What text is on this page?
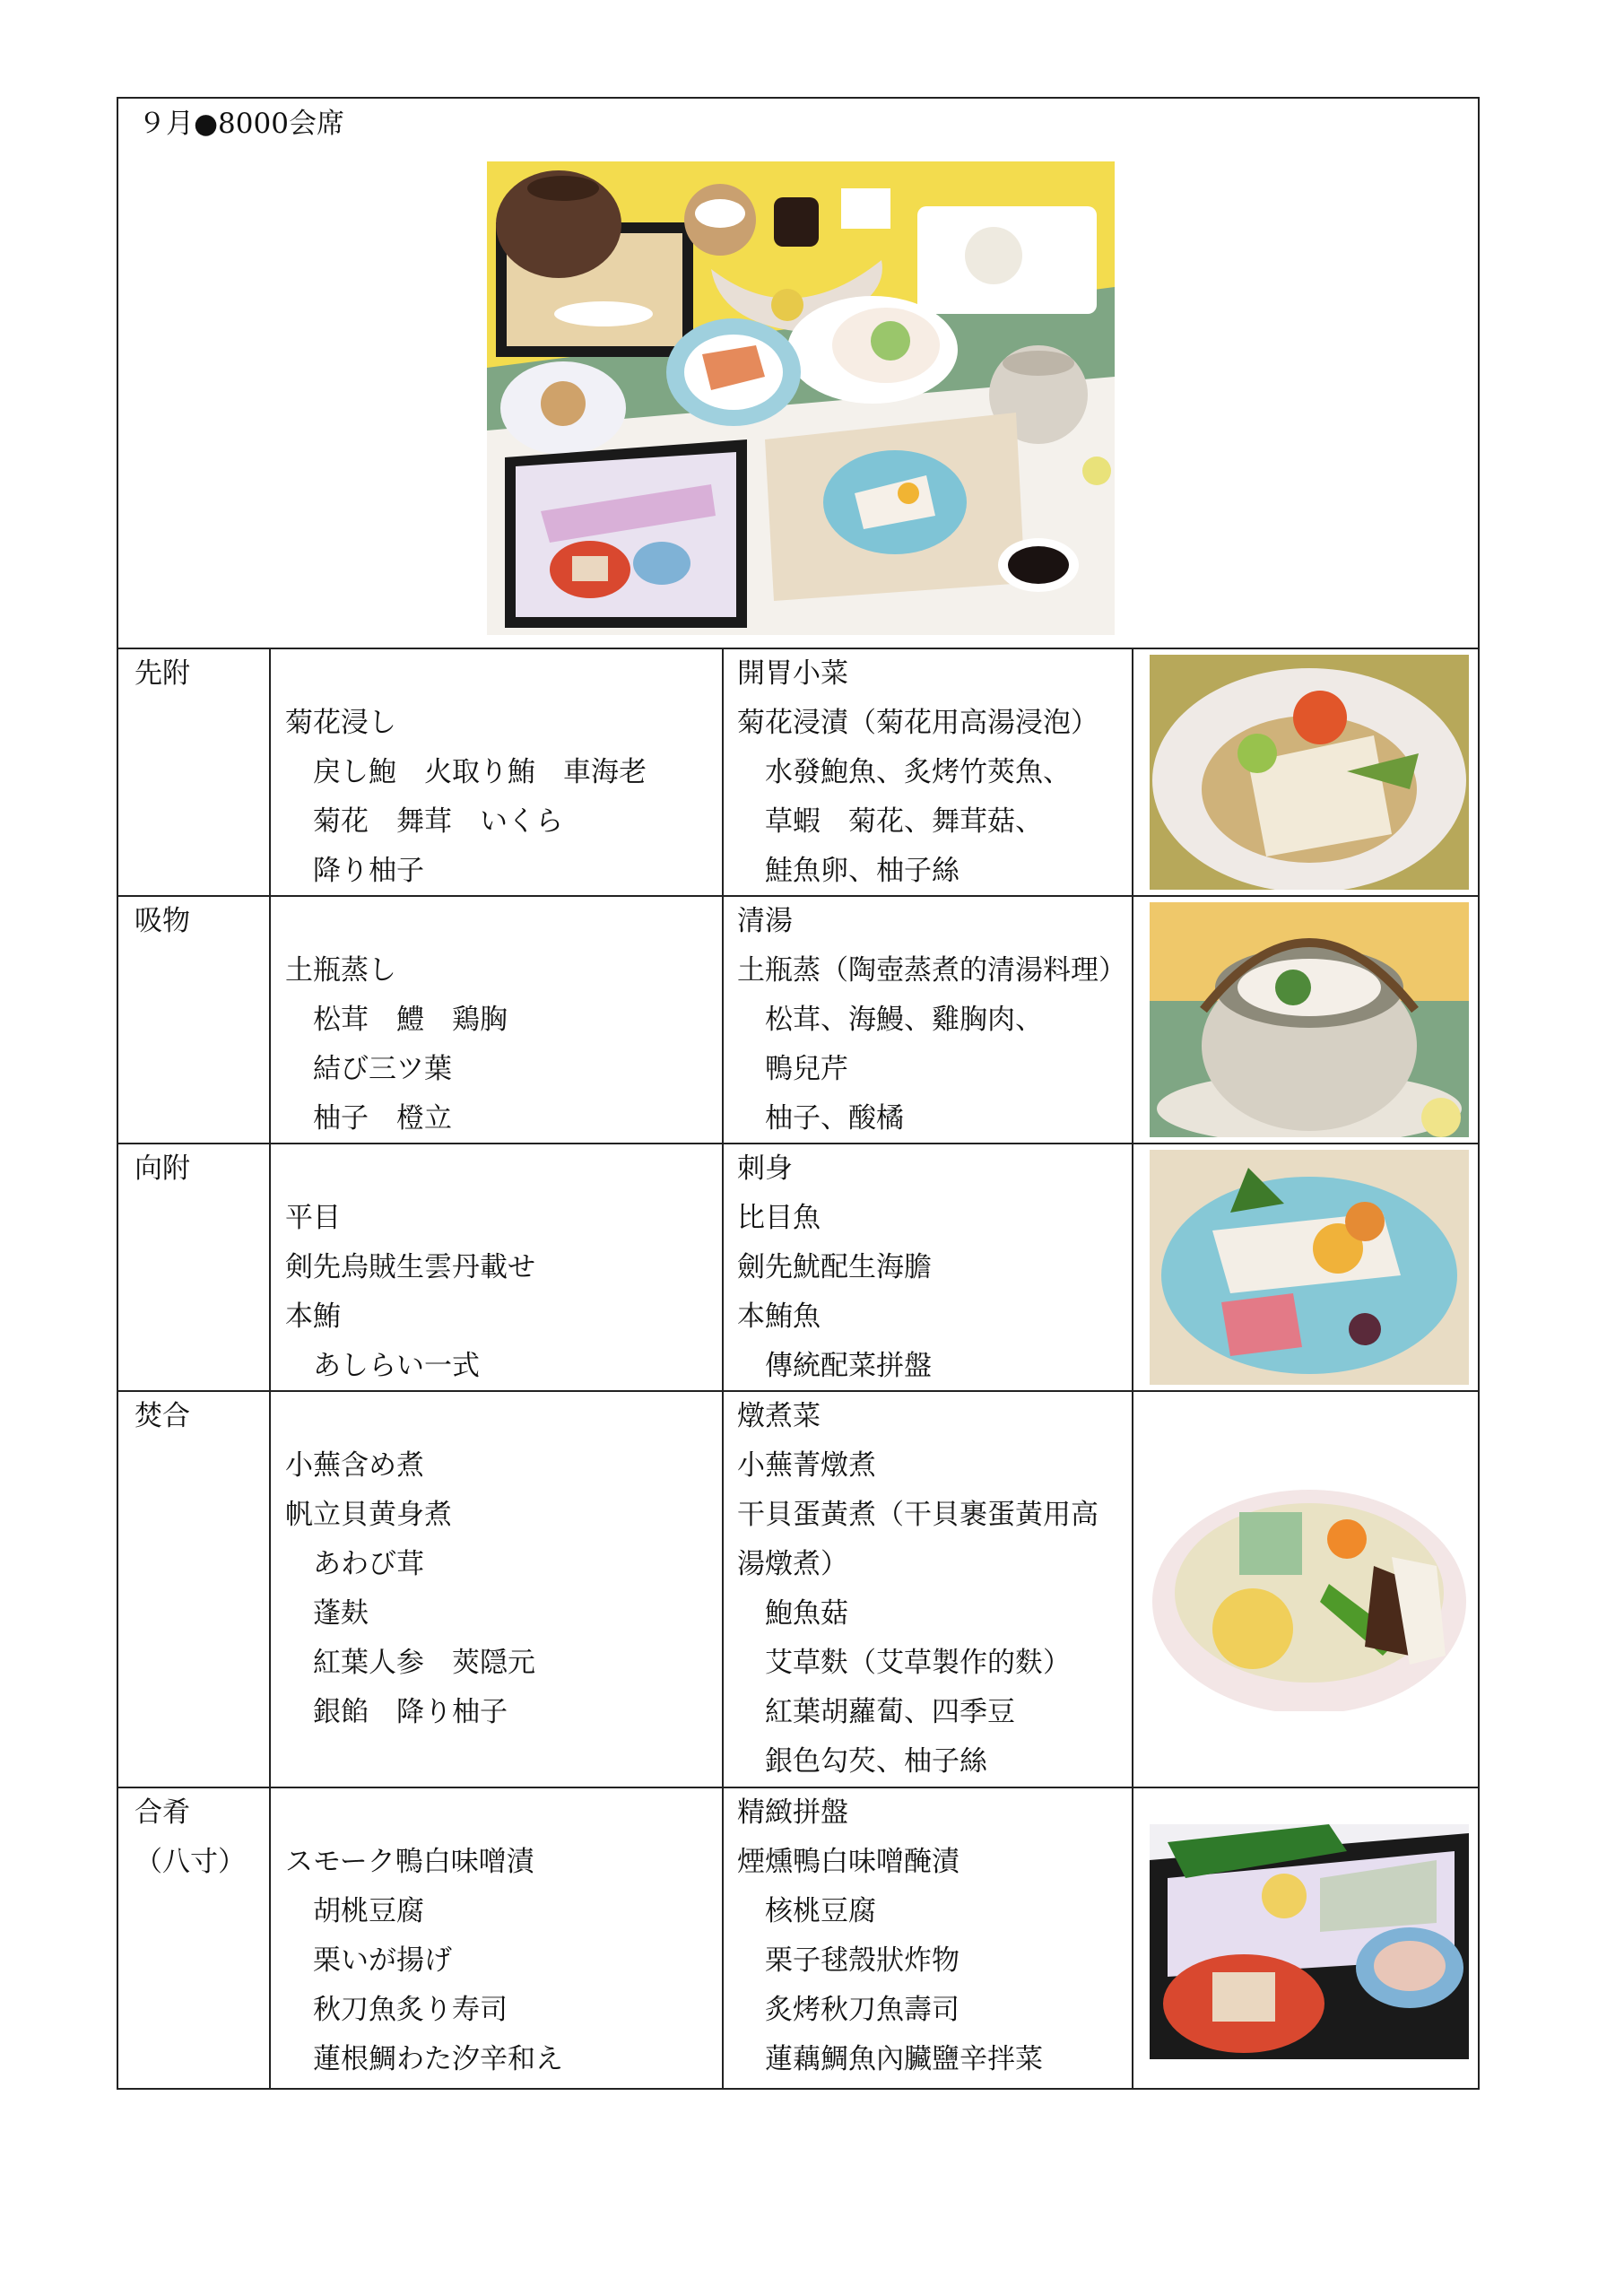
９月●8000会席
先附
吸物
向附
焚合
合肴
（八寸）
菊花浸し
　戻し鮑　火取り鮪　車海老
　菊花　舞茸　いくら
　降り柚子
土瓶蒸し
　松茸　鱧　鶏胸
　結び三ツ葉
　柚子　橙立
平目
剣先烏賊生雲丹載せ
本鮪
　あしらい一式
小蕪含め煮
帆立貝黄身煮
　あわび茸
　蓬麸
　紅葉人参　莢隠元
　銀餡　降り柚子
スモーク鴨白味噌漬
　胡桃豆腐
　栗いが揚げ
　秋刀魚炙り寿司
　蓮根鯛わた汐辛和え
開胃小菜
菊花浸漬（菊花用高湯浸泡）
　水發鮑魚、炙烤竹莢魚、
　草蝦　菊花、舞茸菇、
　鮭魚卵、柚子絲
清湯
土瓶蒸（陶壺蒸煮的清湯料理）
　松茸、海鰻、雞胸肉、
　鴨兒芹
　柚子、酸橘
刺身
比目魚
劍先魷配生海膽
本鮪魚
　傳統配菜拼盤
燉煮菜
小蕪菁燉煮
干貝蛋黃煮（干貝裹蛋黃用高
湯燉煮）
　鮑魚菇
　艾草麩（艾草製作的麩）
　紅葉胡蘿蔔、四季豆
　銀色勾芡、柚子絲
精緻拼盤
煙燻鴨白味噌醃漬
　核桃豆腐
　栗子毬殼狀炸物
　炙烤秋刀魚壽司
　蓮藕鯛魚內臟鹽辛拌菜
